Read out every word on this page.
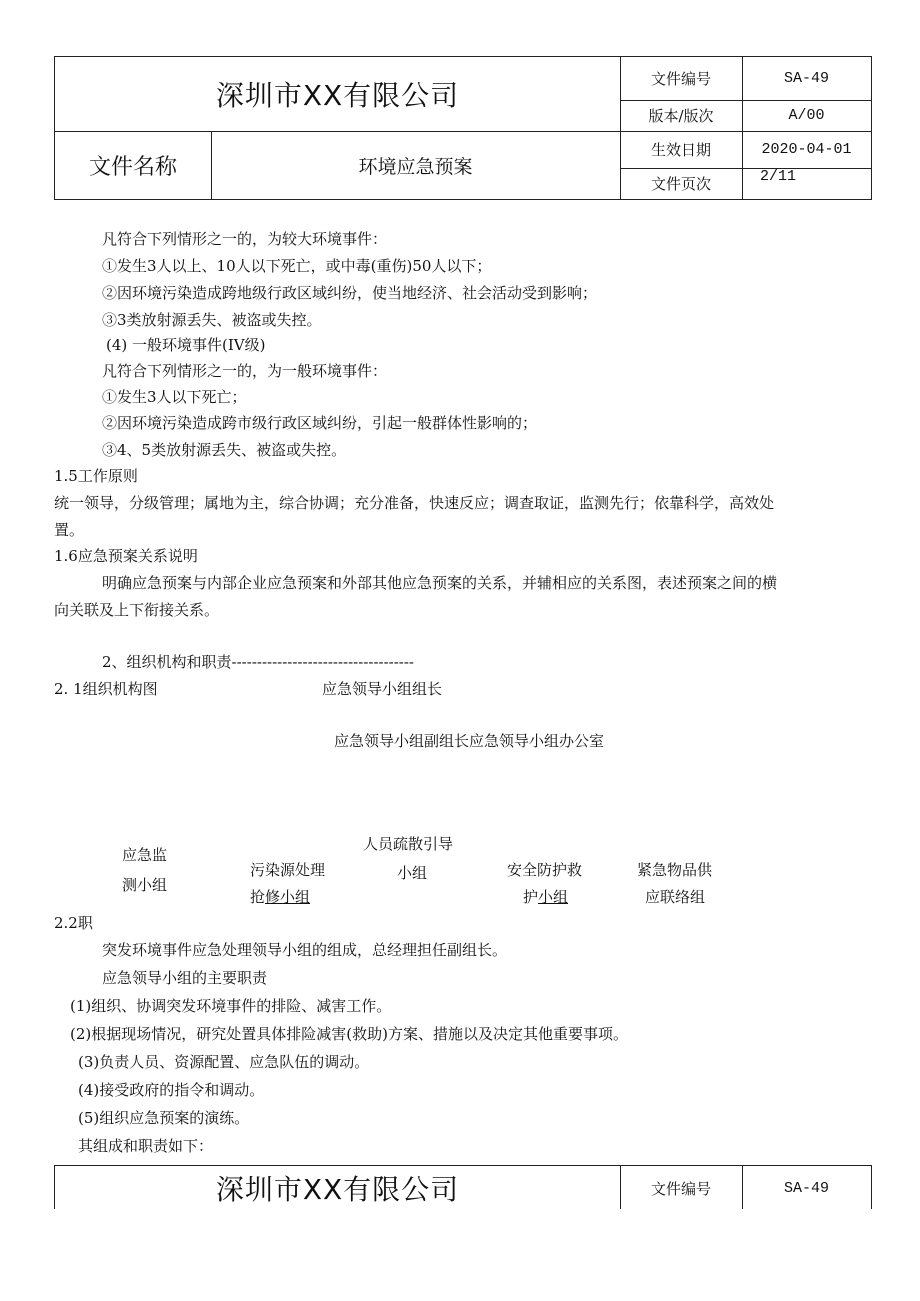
深圳市XX有限公司	文件编号	SA-49
版本/版次	A/00
文件名称	环境应急预案
生效日期	2020-04-01
文件页次	2/11
凡符合下列情形之一的，为较大环境事件：
①发生3人以上、10人以下死亡，或中毒(重伤)50人以下；
②因环境污染造成跨地级行政区域纠纷，使当地经济、社会活动受到影响；
③3类放射源丢失、被盗或失控。
(4) 一般环境事件(IV级)
凡符合下列情形之一的，为一般环境事件：
①发生3人以下死亡；
②因环境污染造成跨市级行政区域纠纷，引起一般群体性影响的；
③4、5类放射源丢失、被盗或失控。
1.5工作原则
统一领导，分级管理；属地为主，综合协调；充分准备，快速反应；调查取证，监测先行；依靠科学，高效处
置。
1.6应急预案关系说明
明确应急预案与内部企业应急预案和外部其他应急预案的关系，并辅相应的关系图，表述预案之间的横
向关联及上下衔接关系。
2、组织机构和职责------------------------------------
2. 1组织机构图	应急领导小组组长
应急领导小组副组长应急领导小组办公室
应急监
测小组
污染源处理
抢修小组
人员疏散引导
小组	安全防护救
护小组
紧急物品供
应联络组
2.2职
突发环境事件应急处理领导小组的组成，总经理担任副组长。
应急领导小组的主要职责
(1)组织、协调突发环境事件的排险、减害工作。
(2)根据现场情况，研究处置具体排险减害(救助)方案、措施以及决定其他重要事项。
(3)负责人员、资源配置、应急队伍的调动。
(4)接受政府的指令和调动。
(5)组织应急预案的演练。
其组成和职责如下：
深圳市XX有限公司	文件编号	SA-49
